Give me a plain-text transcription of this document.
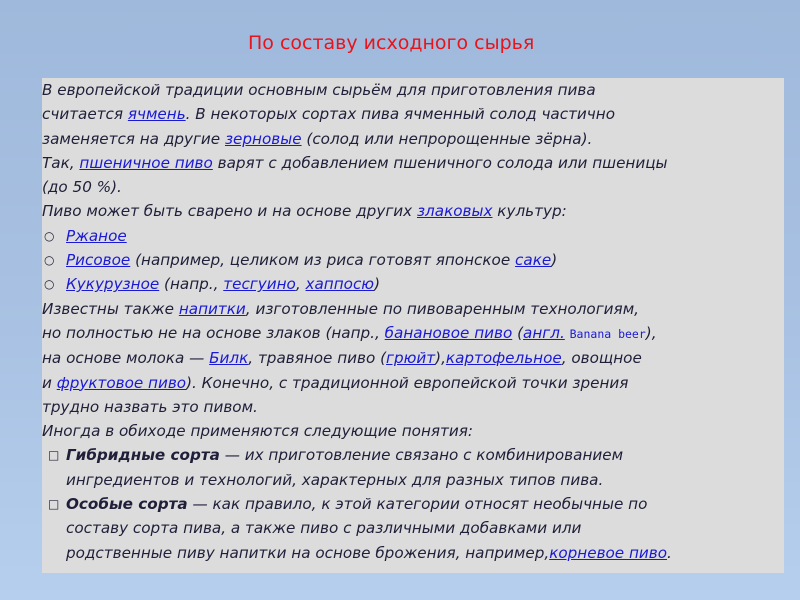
По составу исходного сырья
В европейской традиции основным сырьём для приготовления пива
считается ячмень. В некоторых сортах пива ячменный солод частично
заменяется на другие зерновые (солод или непророщенные зёрна).
Так, пшеничное пиво варят с добавлением пшеничного солода или пшеницы
(до 50 %).
Пиво может быть сварено и на основе других злаковых культур:
○ Ржаное
○ Рисовое (например, целиком из риса готовят японское саке)
○ Кукурузное (напр., тесгуино, хаппосю)
Известны также напитки, изготовленные по пивоваренным технологиям,
но полностью не на основе злаков (напр., банановое пиво (англ. Banana beer),
на основе молока — Билк, травяное пиво (грюйт),картофельное, овощное
и фруктовое пиво). Конечно, с традиционной европейской точки зрения
трудно назвать это пивом.
Иногда в обиходе применяются следующие понятия:
□ Гибридные сорта — их приготовление связано с комбинированием
ингредиентов и технологий, характерных для разных типов пива.
□ Особые сорта — как правило, к этой категории относят необычные по
составу сорта пива, а также пиво с различными добавками или
родственные пиву напитки на основе брожения, например,корневое пиво.
